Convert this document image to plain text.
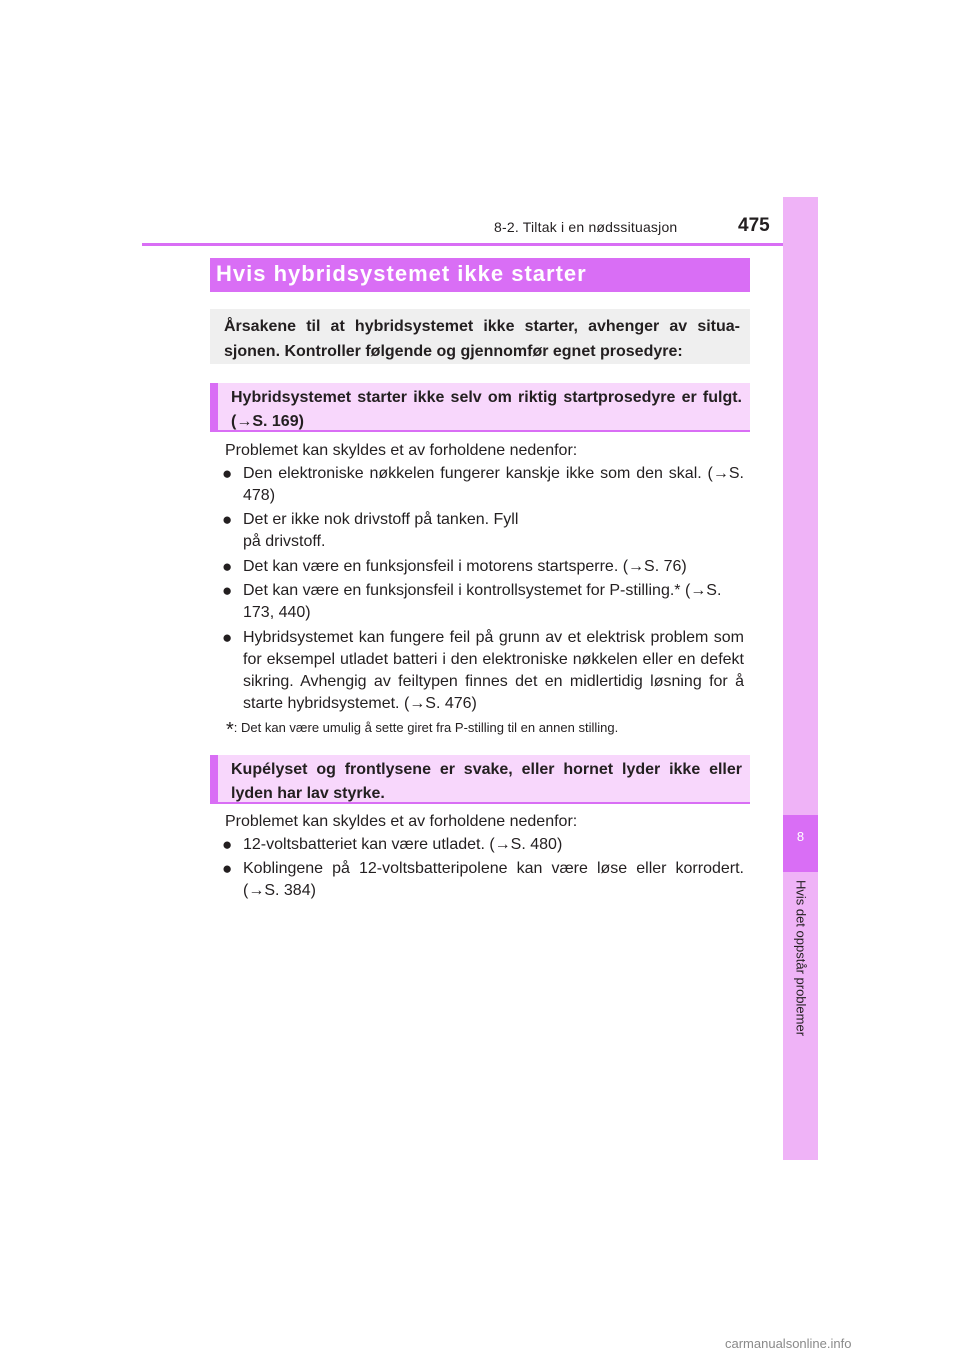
8-2. Tiltak i en nødssituasjon	475
8
Hvis det oppstår problemer
Hvis hybridsystemet ikke starter
Årsakene til at hybridsystemet ikke starter, avhenger av situa-sjonen. Kontroller følgende og gjennomfør egnet prosedyre:
Hybridsystemet starter ikke selv om riktig startprosedyre er fulgt. (→S. 169)
Problemet kan skyldes et av forholdene nedenfor:
● Den elektroniske nøkkelen fungerer kanskje ikke som den skal. (→S. 478)
● Det er ikke nok drivstoff på tanken. Fyll på drivstoff.
● Det kan være en funksjonsfeil i motorens startsperre. (→S. 76)
● Det kan være en funksjonsfeil i kontrollsystemet for P-stilling.* (→S. 173, 440)
● Hybridsystemet kan fungere feil på grunn av et elektrisk problem som for eksempel utladet batteri i den elektroniske nøkkelen eller en defekt sikring. Avhengig av feiltypen finnes det en midlertidig løsning for å starte hybridsystemet. (→S. 476)
*: Det kan være umulig å sette giret fra P-stilling til en annen stilling.
Kupélyset og frontlysene er svake, eller hornet lyder ikke eller lyden har lav styrke.
Problemet kan skyldes et av forholdene nedenfor:
● 12-voltsbatteriet kan være utladet. (→S. 480)
● Koblingene på 12-voltsbatteripolene kan være løse eller korrodert. (→S. 384)
carmanualsonline.info
